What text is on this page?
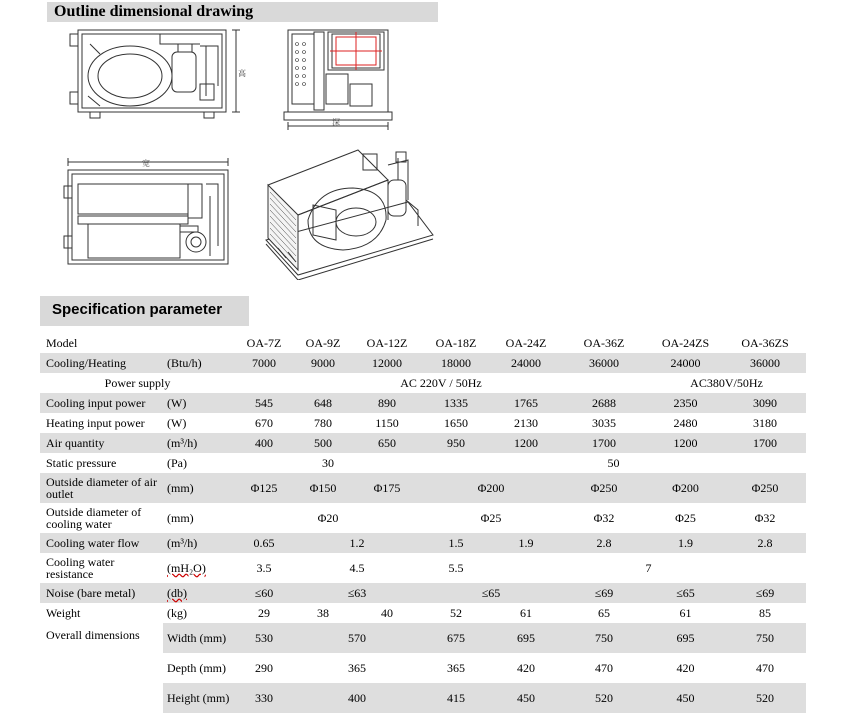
Outline dimensional drawing
高
深
宽
Specification parameter
Model		OA-7Z	OA-9Z	OA-12Z	OA-18Z	OA-24Z	OA-36Z	OA-24ZS	OA-36ZS
Cooling/Heating	(Btu/h)	7000	9000	12000	18000	24000	36000	24000	36000
Power supply		AC 220V / 50Hz						AC380V/50Hz	
Cooling input power	(W)	545	648	890	1335	1765	2688	2350	3090
Heating input power	(W)	670	780	1150	1650	2130	3035	2480	3180
Air quantity	(m³/h)	400	500	650	950	1200	1700	1200	1700
Static pressure	(Pa)	30			50				
Outside diameter of air outlet	(mm)	Φ125	Φ150	Φ175	Φ200		Φ250	Φ200	Φ250
Outside diameter of cooling water	(mm)	Φ20			Φ25		Φ32	Φ25	Φ32
Cooling water flow	(m³/h)	0.65	1.2		1.5	1.9	2.8	1.9	2.8
Cooling water resistance	(mH₂O)	3.5	4.5		5.5	7			
Noise (bare metal)	(db)	≤60	≤63		≤65		≤69	≤65	≤69
Weight	(kg)	29	38	40	52	61	65	61	85
Overall dimensions	Width (mm)	530	570		675	695	750	695	750
	Depth (mm)	290	365		365	420	470	420	470
	Height (mm)	330	400		415	450	520	450	520
